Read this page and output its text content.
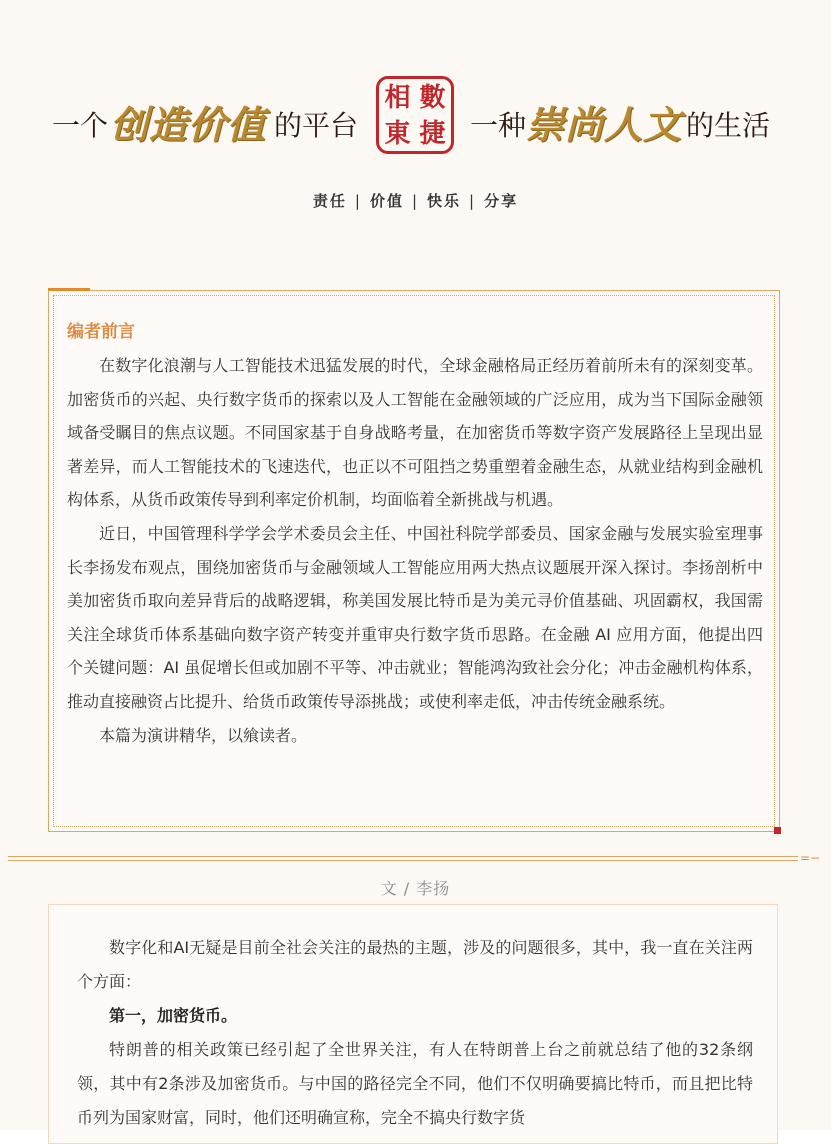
一个 创造价值 的平台
相 數
東 捷 一种 崇尚人文 的生活
责任 | 价值 | 快乐 | 分享
编者前言

在数字化浪潮与人工智能技术迅猛发展的时代，全球金融格局正经历着前所未有的深刻变革。加密货币的兴起、央行数字货币的探索以及人工智能在金融领域的广泛应用，成为当下国际金融领域备受瞩目的焦点议题。不同国家基于自身战略考量，在加密货币等数字资产发展路径上呈现出显著差异，而人工智能技术的飞速迭代，也正以不可阻挡之势重塑着金融生态，从就业结构到金融机构体系，从货币政策传导到利率定价机制，均面临着全新挑战与机遇。

近日，中国管理科学学会学术委员会主任、中国社科院学部委员、国家金融与发展实验室理事长李扬发布观点，围绕加密货币与金融领域人工智能应用两大热点议题展开深入探讨。李扬剖析中美加密货币取向差异背后的战略逻辑，称美国发展比特币是为美元寻价值基础、巩固霸权，我国需关注全球货币体系基础向数字资产转变并重审央行数字货币思路。在金融 AI 应用方面，他提出四个关键问题：AI 虽促增长但或加剧不平等、冲击就业；智能鸿沟致社会分化；冲击金融机构体系，推动直接融资占比提升、给货币政策传导添挑战；或使利率走低，冲击传统金融系统。

本篇为演讲精华，以飨读者。

=−
文 / 李扬

数字化和AI无疑是目前全社会关注的最热的主题，涉及的问题很多，其中，我一直在关注两个方面：

第一，加密货币。

特朗普的相关政策已经引起了全世界关注，有人在特朗普上台之前就总结了他的32条纲领，其中有2条涉及加密货币。与中国的路径完全不同，他们不仅明确要搞比特币，而且把比特币列为国家财富，同时，他们还明确宣称，完全不搞央行数字货
